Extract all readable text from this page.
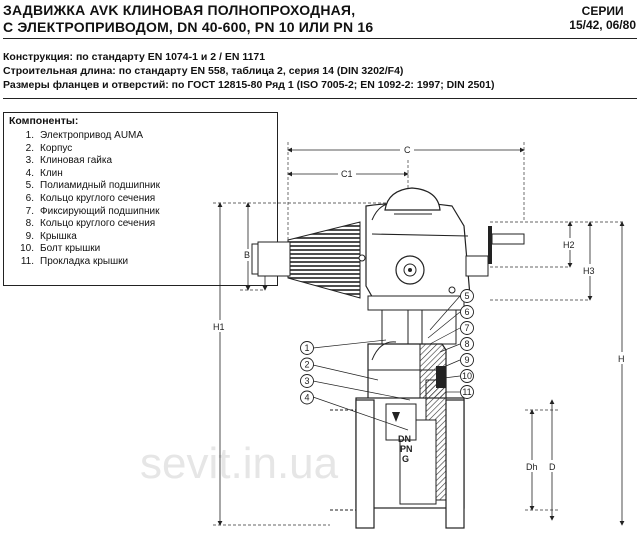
ЗАДВИЖКА AVK КЛИНОВАЯ ПОЛНОПРОХОДНАЯ,
С ЭЛЕКТРОПРИВОДОМ, DN 40-600, PN 10 ИЛИ PN 16
СЕРИИ
15/42, 06/80
Конструкция: по стандарту EN 1074-1 и 2 / EN 1171
Строительная длина: по стандарту EN 558, таблица 2, серия 14 (DIN 3202/F4)
Размеры фланцев и отверстий: по ГОСТ 12815-80 Ряд 1 (ISO 7005-2; EN 1092-2: 1997; DIN 2501)
Компоненты:
1. Электропривод AUMA
2. Корпус
3. Клиновая гайка
4. Клин
5. Полиамидный подшипник
6. Кольцо круглого сечения
7. Фиксирующий подшипник
8. Кольцо круглого сечения
9. Крышка
10. Болт крышки
11. Прокладка крышки
sevit.in.ua
C
C1
B
H1
H2
H3
H
Dh D
DN
PN
G
1
2
3
4
5
6
7
8
9
10
11
